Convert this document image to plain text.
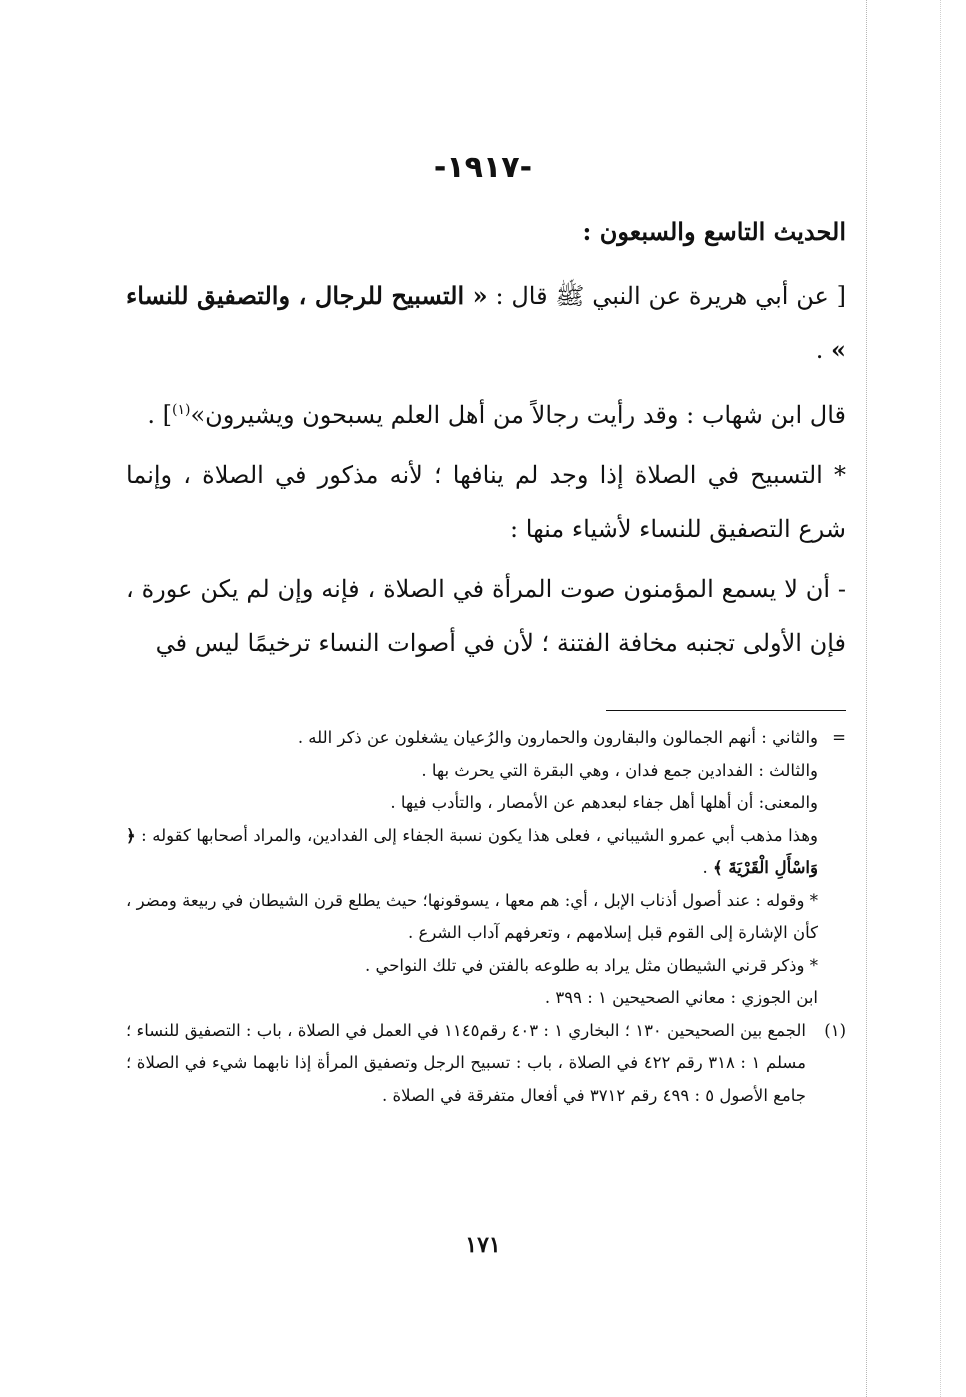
-١٩١٧-

الحديث التاسع والسبعون :

[ عن أبي هريرة عن النبي ﷺ قال : « التسبيح للرجال ، والتصفيق للنساء » .

قال ابن شهاب : وقد رأيت رجالاً من أهل العلم يسبحون ويشيرون»$^{(١)}$] .

* التسبيح في الصلاة إذا وجد لم ينافها ؛ لأنه مذكور في الصلاة ، وإنما شرع التصفيق للنساء لأشياء منها :

- أن لا يسمع المؤمنون صوت المرأة في الصلاة ، فإنه وإن لم يكن عورة ، فإن الأولى تجنبه مخافة الفتنة ؛ لأن في أصوات النساء ترخيمًا ليس في

=
والثاني : أنهم الجمالون والبقارون والحمارون والرُعيان يشغلون عن ذكر الله .

والثالث : الفدادين جمع فدان ، وهي البقرة التي يحرث بها .

والمعنى: أن أهلها أهل جفاء لبعدهم عن الأمصار ، والتأدب فيها .

وهذا مذهب أبي عمرو الشيباني ، فعلى هذا يكون نسبة الجفاء إلى الفدادين، والمراد أصحابها كقوله : ﴿ وَاسْأَلِ الْقَرْيَةَ ﴾ .

* وقوله : عند أصول أذناب الإبل ، أي: هم معها ، يسوقونها؛ حيث يطلع قرن الشيطان في ربيعة ومضر ، كأن الإشارة إلى القوم قبل إسلامهم ، وتعرفهم آداب الشرع .

* وذكر قرني الشيطان مثل يراد به طلوعه بالفتن في تلك النواحي .

ابن الجوزي : معاني الصحيحين ١ : ٣٩٩ .

(١)
الجمع بين الصحيحين ١٣٠ ؛ البخاري ١ : ٤٠٣ رقم١١٤٥ في العمل في الصلاة ، باب : التصفيق للنساء ؛ مسلم ١ : ٣١٨ رقم ٤٢٢ في الصلاة ، باب : تسبيح الرجل وتصفيق المرأة إذا نابهما شيء في الصلاة ؛ جامع الأصول ٥ : ٤٩٩ رقم ٣٧١٢ في أفعال متفرقة في الصلاة .

١٧١
